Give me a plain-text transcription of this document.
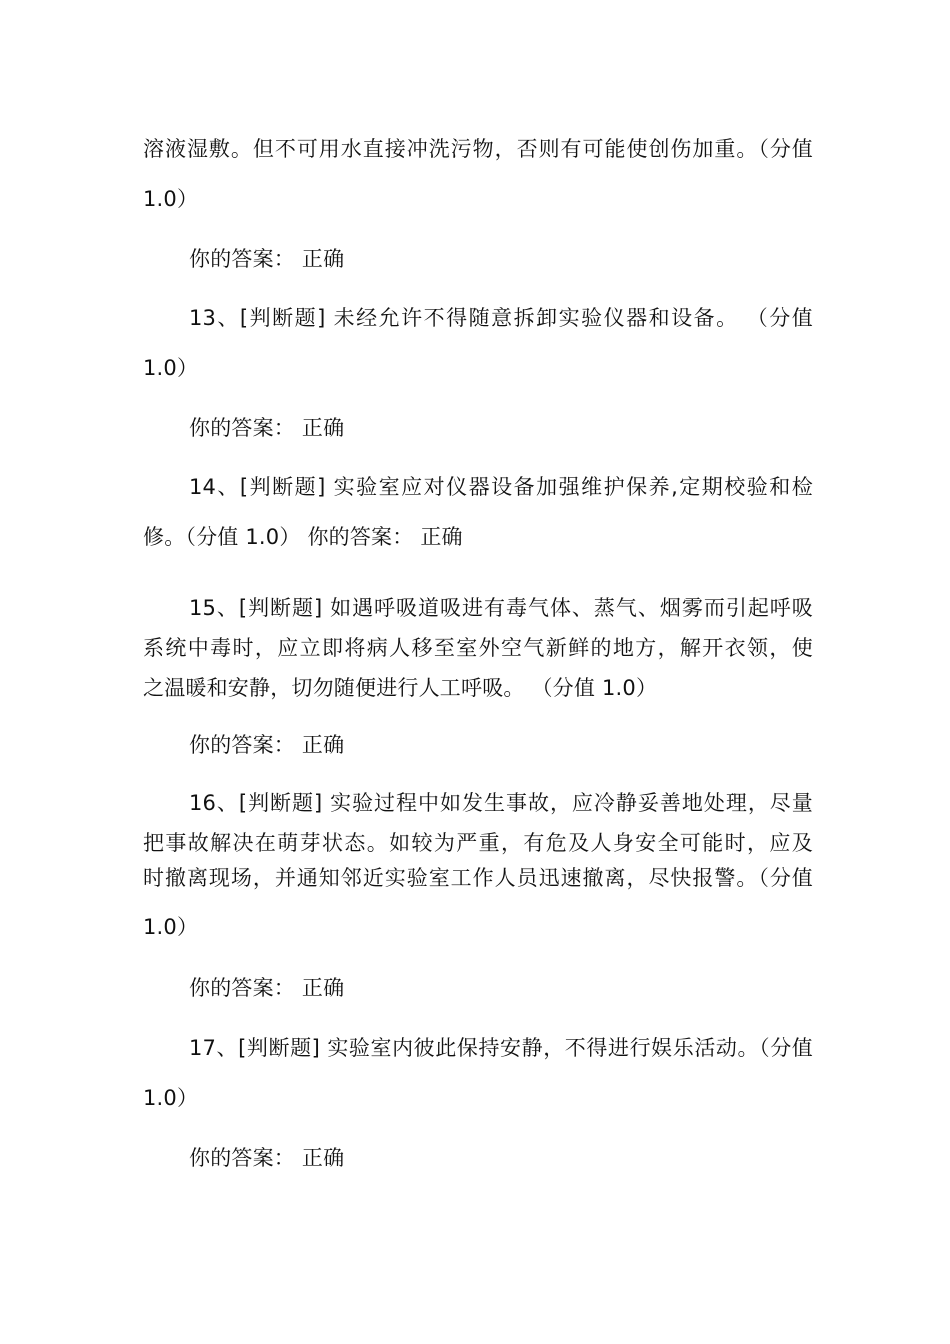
溶液湿敷。但不可用水直接冲洗污物，否则有可能使创伤加重。（分值
1.0）
你的答案： 正确
13、[判断题] 未经允许不得随意拆卸实验仪器和设备。 （分值
1.0）
你的答案： 正确
14、[判断题] 实验室应对仪器设备加强维护保养,定期校验和检
修。（分值 1.0） 你的答案： 正确
15、[判断题] 如遇呼吸道吸进有毒气体、蒸气、烟雾而引起呼吸
系统中毒时，应立即将病人移至室外空气新鲜的地方，解开衣领，使
之温暖和安静，切勿随便进行人工呼吸。 （分值 1.0）
你的答案： 正确
16、[判断题] 实验过程中如发生事故，应冷静妥善地处理，尽量
把事故解决在萌芽状态。如较为严重，有危及人身安全可能时，应及
时撤离现场，并通知邻近实验室工作人员迅速撤离，尽快报警。（分值
1.0）
你的答案： 正确
17、[判断题] 实验室内彼此保持安静，不得进行娱乐活动。（分值
1.0）
你的答案： 正确
